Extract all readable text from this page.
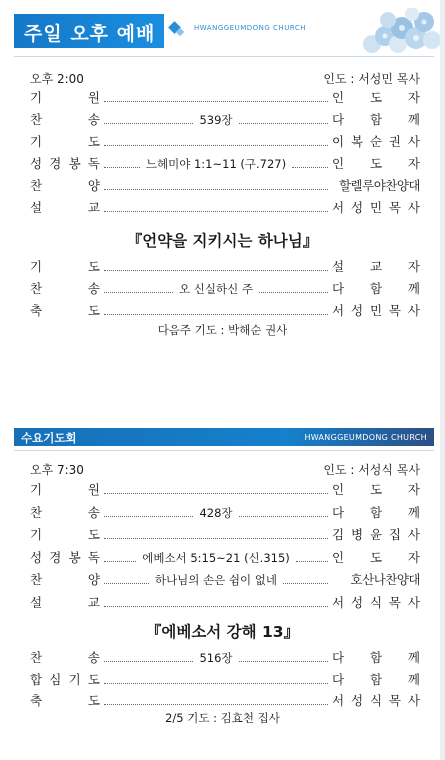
주일 오후 예배	HWANGGEUMDONG CHURCH
오후 2:00	인도 : 서성민 목사
기	원	인 도 자
찬	송	539장	다 함 께
기	도	이 복 순 권 사
성 경 봉 독	느헤미야 1:1~11 (구.727)	인 도 자
찬	양	할렐루야찬양대
설	교	서 성 민 목 사
『언약을 지키시는 하나님』
기	도	설 교 자
찬	송	오 신실하신 주	다 함 께
축	도	서 성 민 목 사
다음주 기도 : 박해순 권사
수요기도회	HWANGGEUMDONG CHURCH
오후 7:30	인도 : 서성식 목사
기	원	인 도 자
찬	송	428장	다 함 께
기	도	김 병 윤 집 사
성 경 봉 독	에베소서 5:15~21 (신.315)	인 도 자
찬	양	하나님의 손은 쉼이 없네	호산나찬양대
설	교	서 성 식 목 사
『에베소서 강해 13』
찬	송	516장	다 함 께
합 심 기 도	다 함 께
축	도	서 성 식 목 사
2/5 기도 : 김효천 집사
